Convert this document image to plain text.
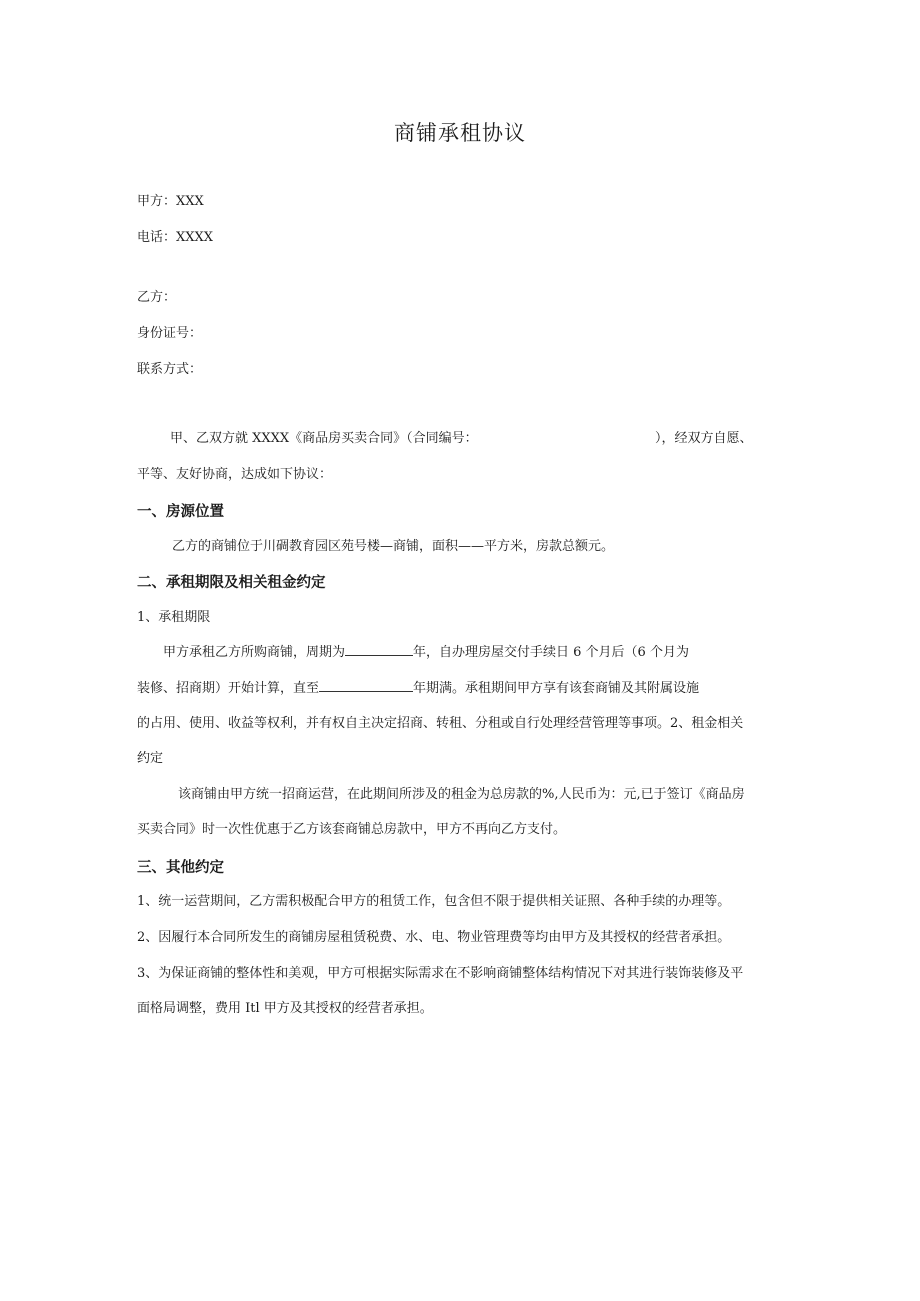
商铺承租协议
甲方：XXX
电话：XXXX
乙方：
身份证号：
联系方式：
甲、乙双方就 XXXX《商品房买卖合同》（合同编号：	），经双方自愿、
平等、友好协商，达成如下协议：
一、房源位置
乙方的商铺位于川碉教育园区苑号楼—商铺，面积——平方米，房款总额元。
二、承租期限及相关租金约定
1、承租期限
甲方承租乙方所购商铺，周期为	年，自办理房屋交付手续日 6 个月后（6 个月为
装修、招商期）开始计算，直至	年期满。承租期间甲方享有该套商铺及其附属设施
的占用、使用、收益等权利，并有权自主决定招商、转租、分租或自行处理经营管理等事项。2、租金相关
约定
该商铺由甲方统一招商运营，在此期间所涉及的租金为总房款的%,人民币为：元,已于签订《商品房
买卖合同》时一次性优惠于乙方该套商铺总房款中，甲方不再向乙方支付。
三、其他约定
1、统一运营期间，乙方需积极配合甲方的租赁工作，包含但不限于提供相关证照、各种手续的办理等。
2、因履行本合同所发生的商铺房屋租赁税费、水、电、物业管理费等均由甲方及其授权的经营者承担。
3、为保证商铺的整体性和美观，甲方可根据实际需求在不影响商铺整体结构情况下对其进行装饰装修及平
面格局调整，费用 Itl 甲方及其授权的经营者承担。
